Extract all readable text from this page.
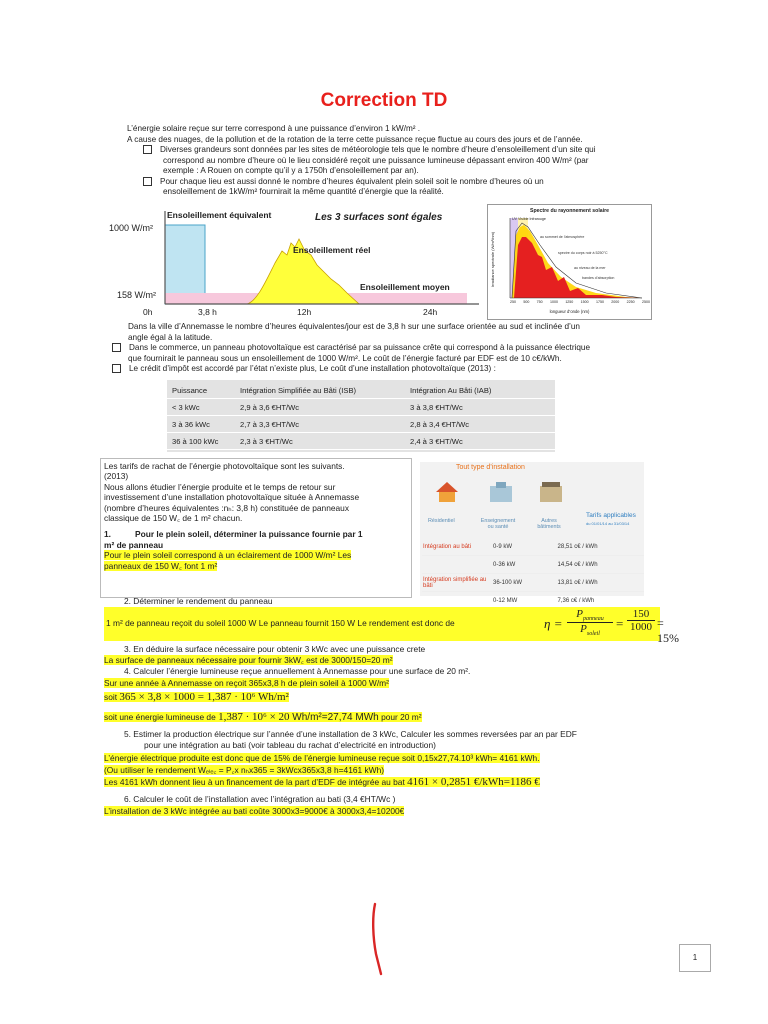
Correction TD
L’énergie solaire reçue sur terre correspond à une puissance d’environ 1 kW/m² .
A cause des nuages, de la pollution et de la rotation de la terre cette puissance reçue fluctue au cours des jours et de l’année.
Diverses grandeurs sont données par les sites de météorologie tels que le nombre d’heure d’ensoleillement d’un site qui
correspond au nombre d’heure où le lieu considéré reçoit une puissance lumineuse dépassant environ 400 W/m² (par
exemple : A Rouen on compte qu’il y a 1750h d’ensoleillement par an).
Pour chaque lieu est aussi donné le nombre d’heures équivalent plein soleil soit le nombre d’heures où un
ensoleillement de 1kW/m² fournirait la même quantité d’énergie que la réalité.
1000 W/m²
158 W/m²
Ensoleillement équivalent	Les 3 surfaces sont égales
Ensoleillement réel
Ensoleillement moyen
0h	3,8 h	12h	24h
Spectre du rayonnement solaire
Irradiance spectrale (W/m²/nm)
UV Visible Infrarouge
au sommet de l’atmosphère
spectre du corps noir à 5250°C
au niveau de la mer
bandes d’absorption
250 500 750 1000 1250 1500 1750 2000 2250 2500
longueur d’onde (nm)
Dans la ville d’Annemasse le nombre d’heures équivalentes/jour est de 3,8 h sur une surface orientée au sud et inclinée d’un
angle égal à la latitude.
Dans le commerce, un panneau photovoltaïque est caractérisé par sa puissance crête qui correspond à la puissance électrique
que fournirait le panneau sous un ensoleillement de 1000 W/m². Le coût de l’énergie facturé par EDF est de 10 c€/kWh.
Le crédit d’impôt est accordé par l’état n’existe plus, Le coût d’une installation photovoltaïque (2013) :
Puissance	Intégration Simplifiée au Bâti (ISB)	Intégration Au Bâti (IAB)
< 3 kWc	2,9 à 3,6 €HT/Wc	3 à 3,8 €HT/Wc
3 à 36 kWc	2,7 à 3,3 €HT/Wc	2,8 à 3,4 €HT/Wc
36 à 100 kWc	2,3 à 3 €HT/Wc	2,4 à 3 €HT/Wc
Les tarifs de rachat de l’énergie photovoltaïque sont les suivants.
(2013)
Nous allons étudier l’énergie produite et le temps de retour sur
investissement d’une installation photovoltaïque située à Annemasse
(nombre d’heures équivalentes :nₕ: 3,8 h) constituée de panneaux
classique de 150 W꜀ de 1 m² chacun.
1.	Pour le plein soleil, déterminer la puissance fournie par 1
m² de panneau
Pour le plein soleil correspond à un éclairement de 1000 W/m² Les
panneaux de 150 W꜀ font 1 m²
Tout type d’installation
Résidentiel	Enseignement ou santé
Autres bâtiments
Tarifs applicables
du 01/01/14 au 31/03/14
Intégration au bâti	0-9 kW	28,51 c€ / kWh
	0-36 kW	14,54 c€ / kWh
Intégration simplifiée au bâti	36-100 kW	13,81 c€ / kWh
	0-12 MW	7,36 c€ / kWh
2. Déterminer le rendement du panneau
1 m² de panneau reçoit du soleil 1000 W Le panneau fournit 150 W Le rendement est donc de	η =
$P_{panneau}$
$P_{soleil}$
=
150
1000 = 15%
3. En déduire la surface nécessaire pour obtenir 3 kWc avec une puissance crete
La surface de panneaux nécessaire pour fournir 3kW꜀ est de 3000/150=20 m²
4. Calculer l’énergie lumineuse reçue annuellement à Annemasse pour une surface de 20 m².
Sur une année à Annemasse on reçoit 365x3,8 h de plein soleil à 1000 W/m²
soit 365 × 3,8 × 1000 = 1,387 · 10⁶ Wh/m²
soit une énergie lumineuse de 1,387 · 10⁶ × 20 Wh/m²=27,74 MWh pour 20 m²
5. Estimer la production électrique sur l’année d’une installation de 3 kWc, Calculer les sommes reversées par an par EDF
pour une intégration au bati (voir tableau du rachat d’electricité en introduction)
L’énergie électrique produite est donc que de 15% de l’énergie lumineuse reçue soit 0,15x27,74.10³ kWh= 4161 kWh.
(Ou utiliser le rendement Wₑₗₑ꜀ = P꜀x nₕx365 = 3kWcx365x3,8 h=4161 kWh)
Les 4161 kWh donnent lieu à un financement de la part d’EDF de intégrée au bat 4161 × 0,2851 €/kWh=1186 €
6. Calculer le coût de l’installation avec l’intégration au bati (3,4 €HT/Wc )
L’installation de 3 kWc intégrée au bati coûte 3000x3=9000€ à 3000x3,4=10200€
1
